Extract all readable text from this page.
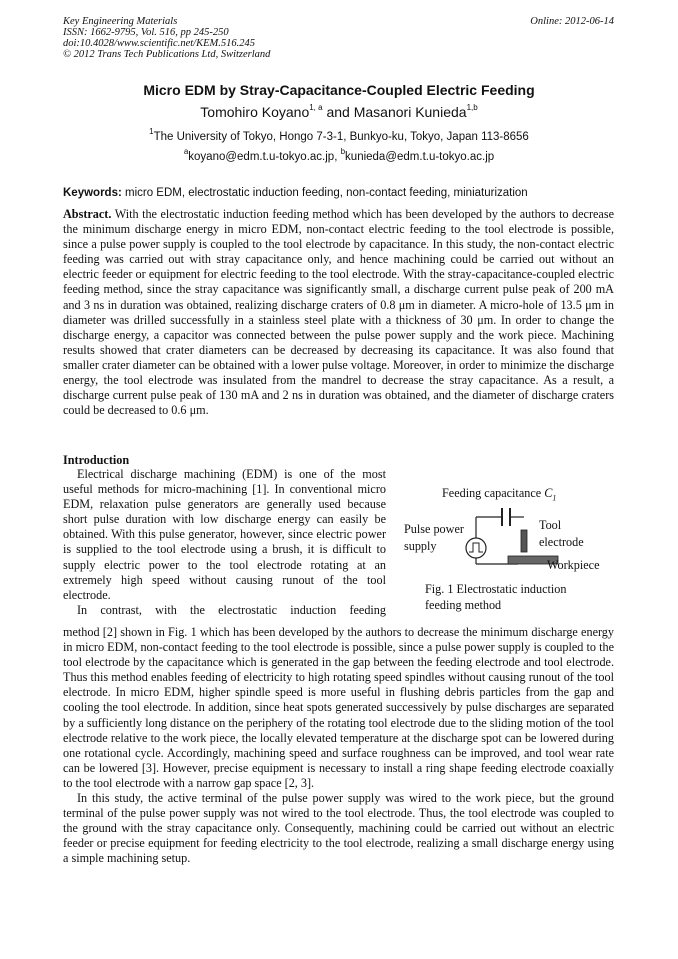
Key Engineering Materials
ISSN: 1662-9795, Vol. 516, pp 245-250
doi:10.4028/www.scientific.net/KEM.516.245
© 2012 Trans Tech Publications Ltd, Switzerland
Online: 2012-06-14
Micro EDM by Stray-Capacitance-Coupled Electric Feeding
Tomohiro Koyano$^{1, a}$ and Masanori Kunieda$^{1,b}$
$^1$The University of Tokyo, Hongo 7-3-1, Bunkyo-ku, Tokyo, Japan 113-8656
$^a$koyano@edm.t.u-tokyo.ac.jp, $^b$kunieda@edm.t.u-tokyo.ac.jp
Keywords: micro EDM, electrostatic induction feeding, non-contact feeding, miniaturization
Abstract. With the electrostatic induction feeding method which has been developed by the authors to decrease the minimum discharge energy in micro EDM, non-contact electric feeding to the tool electrode is possible, since a pulse power supply is coupled to the tool electrode by capacitance. In this study, the non-contact electric feeding was carried out with stray capacitance only, and hence machining could be carried out without an electric feeder or equipment for electric feeding to the tool electrode. With the stray-capacitance-coupled electric feeding method, since the stray capacitance was significantly small, a discharge current pulse peak of 200 mA and 3 ns in duration was obtained, realizing discharge craters of 0.8 μm in diameter. A micro-hole of 13.5 μm in diameter was drilled successfully in a stainless steel plate with a thickness of 30 μm. In order to change the discharge energy, a capacitor was connected between the pulse power supply and the work piece. Machining results showed that crater diameters can be decreased by decreasing its capacitance. It was also found that smaller crater diameter can be obtained with a lower pulse voltage. Moreover, in order to minimize the discharge energy, the tool electrode was insulated from the mandrel to decrease the stray capacitance. As a result, a discharge current pulse peak of 130 mA and 2 ns in duration was obtained, and the diameter of discharge craters could be decreased to 0.6 μm.
Introduction

Electrical discharge machining (EDM) is one of the most useful methods for micro-machining [1]. In conventional micro EDM, relaxation pulse generators are generally used because short pulse duration with low discharge energy can easily be obtained. With this pulse generator, however, since electric power is supplied to the tool electrode using a brush, it is difficult to supply electric power to the tool electrode rotating at an extremely high speed without causing runout of the tool electrode.

In contrast, with the electrostatic induction feeding

Feeding capacitance $C_1$
Pulse power
supply
Tool
electrode
Workpiece
Fig. 1 Electrostatic induction
feeding method

method [2] shown in Fig. 1 which has been developed by the authors to decrease the minimum discharge energy in micro EDM, non-contact feeding to the tool electrode is possible, since a pulse power supply is coupled to the tool electrode by the capacitance which is generated in the gap between the feeding electrode and tool electrode. Thus this method enables feeding of electricity to high rotating speed spindles without causing runout of the tool electrode. In micro EDM, higher spindle speed is more useful in flushing debris particles from the gap and cooling the tool electrode. In addition, since heat spots generated successively by pulse discharges are separated by a sufficiently long distance on the periphery of the rotating tool electrode due to the sliding motion of the tool electrode relative to the work piece, the locally elevated temperature at the discharge spot can be lowered during one rotational cycle. Accordingly, machining speed and surface roughness can be improved, and tool wear rate can be lowered [3]. However, precise equipment is necessary to install a ring shape feeding electrode coaxially to the tool electrode with a narrow gap space [2, 3].

In this study, the active terminal of the pulse power supply was wired to the work piece, but the ground terminal of the pulse power supply was not wired to the tool electrode. Thus, the tool electrode was coupled to the ground with the stray capacitance only. Consequently, machining could be carried out without an electric feeder or precise equipment for feeding electricity to the tool electrode, realizing a small discharge energy using a simple machining setup.
